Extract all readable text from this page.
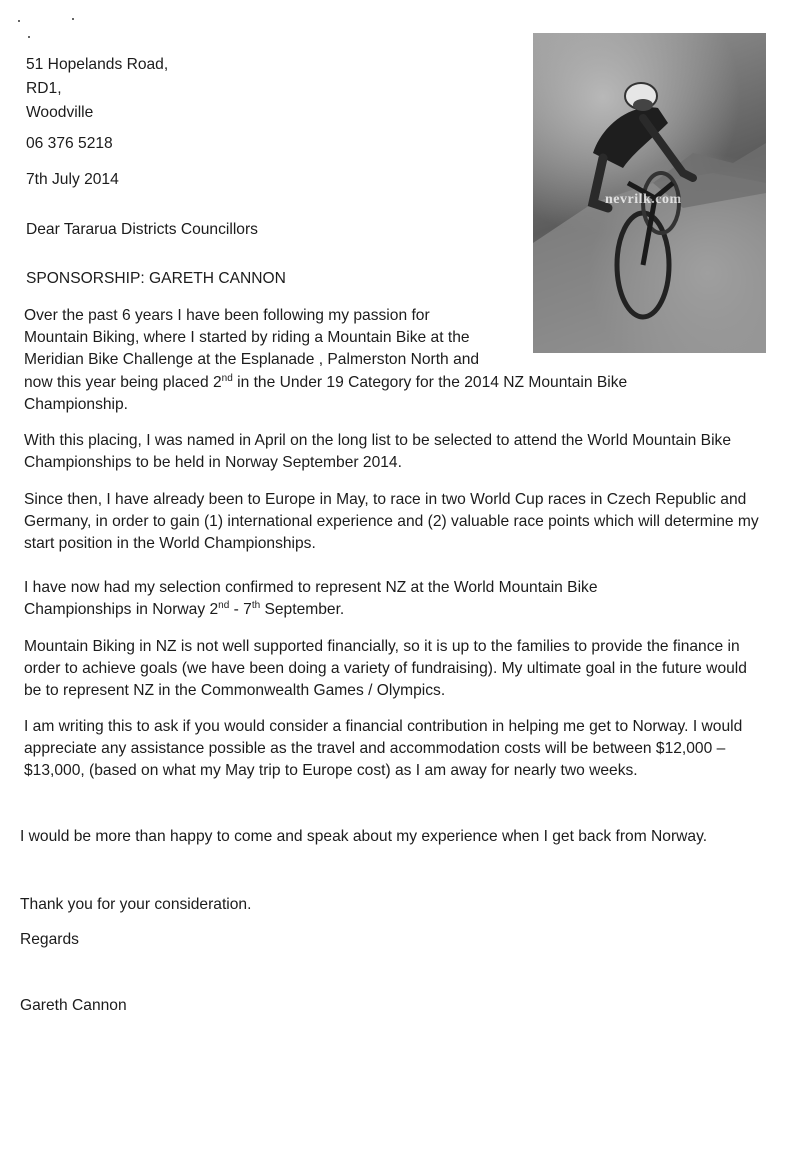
51 Hopelands Road,
RD1,
Woodville
06 376 5218
7th July 2014
nevrilk.com
Dear Tararua Districts Councillors
SPONSORSHIP: GARETH CANNON
Over the past 6 years I have been following my passion for
Mountain Biking, where I started by riding a Mountain Bike at the
Meridian Bike Challenge at the Esplanade , Palmerston North and
now this year being placed 2nd in the Under 19 Category for the 2014 NZ Mountain Bike
Championship.
With this placing, I was named in April on the long list to be selected to attend the World Mountain Bike Championships to be held in Norway September 2014.
Since then, I have already been to Europe in May, to race in two World Cup races in Czech Republic and Germany, in order to gain (1) international experience and (2) valuable race points which will determine my start position in the World Championships.
I have now had my selection confirmed to represent NZ at the World Mountain Bike
Championships in Norway 2nd - 7th September.
Mountain Biking in NZ is not well supported financially, so it is up to the families to provide the finance in order to achieve goals (we have been doing a variety of fundraising). My ultimate goal in the future would be to represent NZ in the Commonwealth Games / Olympics.
I am writing this to ask if you would consider a financial contribution in helping me get to Norway. I would appreciate any assistance possible as the travel and accommodation costs will be between $12,000 – $13,000, (based on what my May trip to Europe cost) as I am away for nearly two weeks.
I would be more than happy to come and speak about my experience when I get back from Norway.
Thank you for your consideration.
Regards
Gareth Cannon
